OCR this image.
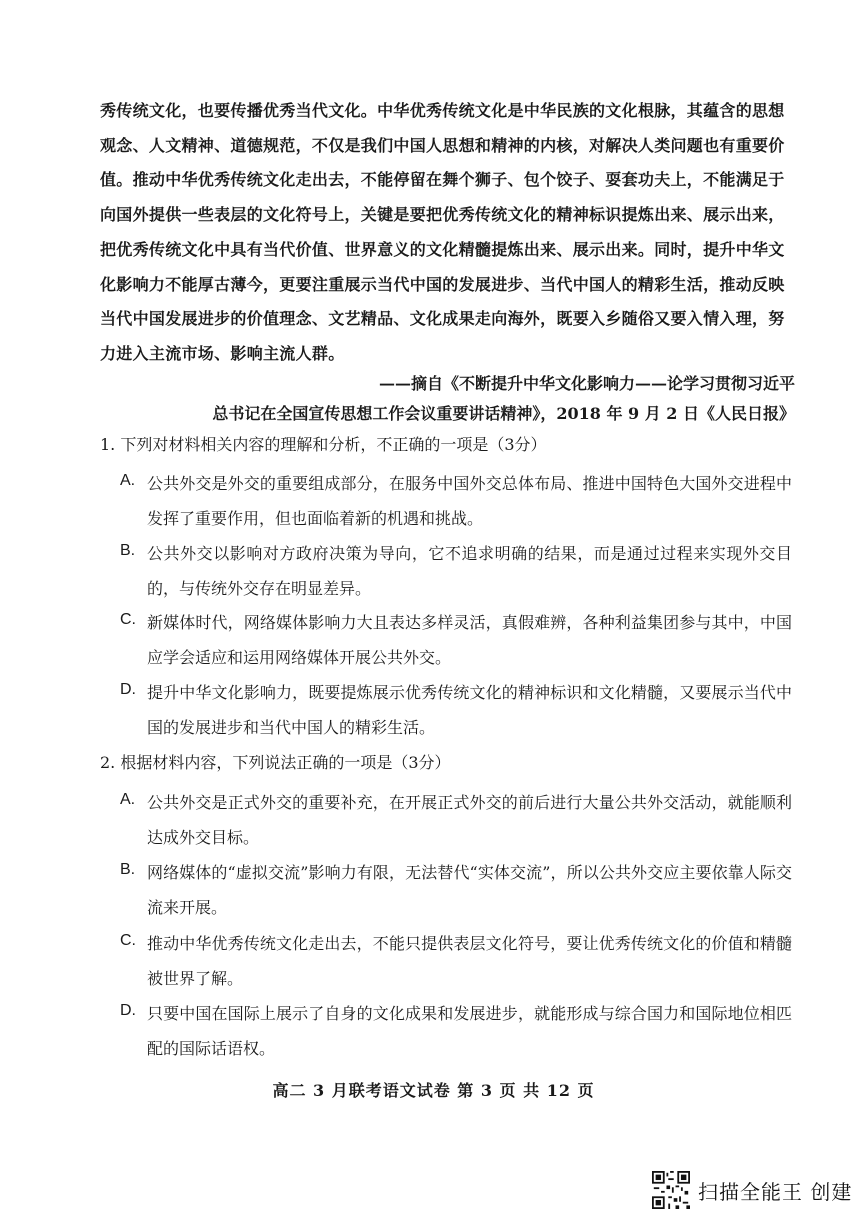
秀传统文化，也要传播优秀当代文化。中华优秀传统文化是中华民族的文化根脉，其蕴含的思想
观念、人文精神、道德规范，不仅是我们中国人思想和精神的内核，对解决人类问题也有重要价
值。推动中华优秀传统文化走出去，不能停留在舞个狮子、包个饺子、耍套功夫上，不能满足于
向国外提供一些表层的文化符号上，关键是要把优秀传统文化的精神标识提炼出来、展示出来，
把优秀传统文化中具有当代价值、世界意义的文化精髓提炼出来、展示出来。同时，提升中华文
化影响力不能厚古薄今，更要注重展示当代中国的发展进步、当代中国人的精彩生活，推动反映
当代中国发展进步的价值理念、文艺精品、文化成果走向海外，既要入乡随俗又要入情入理，努
力进入主流市场、影响主流人群。
——摘自《不断提升中华文化影响力——论学习贯彻习近平
总书记在全国宣传思想工作会议重要讲话精神》，2018 年 9 月 2 日《人民日报》
1. 下列对材料相关内容的理解和分析，不正确的一项是（3分）
A. 公共外交是外交的重要组成部分，在服务中国外交总体布局、推进中国特色大国外交进程中发挥了重要作用，但也面临着新的机遇和挑战。
B. 公共外交以影响对方政府决策为导向，它不追求明确的结果，而是通过过程来实现外交目的，与传统外交存在明显差异。
C. 新媒体时代，网络媒体影响力大且表达多样灵活，真假难辨，各种利益集团参与其中，中国应学会适应和运用网络媒体开展公共外交。
D. 提升中华文化影响力，既要提炼展示优秀传统文化的精神标识和文化精髓，又要展示当代中国的发展进步和当代中国人的精彩生活。
2. 根据材料内容，下列说法正确的一项是（3分）
A. 公共外交是正式外交的重要补充，在开展正式外交的前后进行大量公共外交活动，就能顺利达成外交目标。
B. 网络媒体的“虚拟交流”影响力有限，无法替代“实体交流”，所以公共外交应主要依靠人际交流来开展。
C. 推动中华优秀传统文化走出去，不能只提供表层文化符号，要让优秀传统文化的价值和精髓被世界了解。
D. 只要中国在国际上展示了自身的文化成果和发展进步，就能形成与综合国力和国际地位相匹配的国际话语权。
高二 3 月联考语文试卷 第 3 页 共 12 页
扫描全能王 创建
